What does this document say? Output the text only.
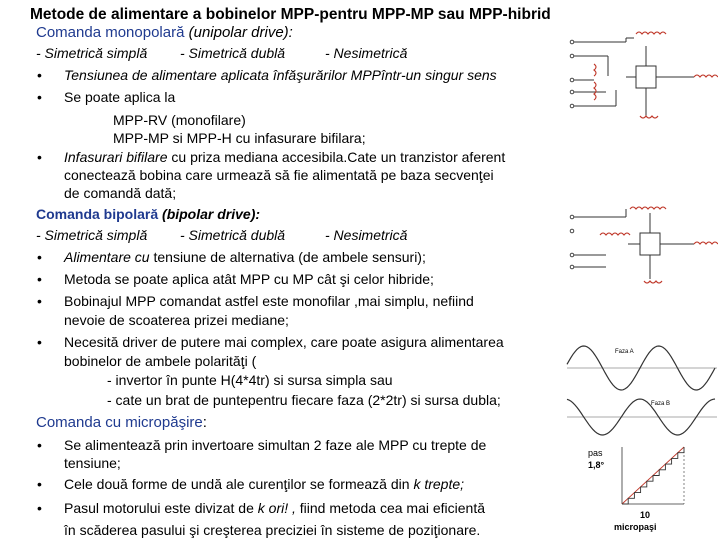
Metode de alimentare a bobinelor MPP-pentru MPP-MP sau MPP-hibrid
Comanda monopolară (unipolar drive):
- Simetrică simplă - Simetrică dublă	- Nesimetrică
• Tensiunea de alimentare aplicata înfăşurărilor MPPîntr-un singur sens
• Se poate aplica la
MPP-RV (monofilare)
MPP-MP si MPP-H cu infasurare bifilara;
• Infasurari bifilare cu priza mediana accesibila.Cate un tranzistor aferent
conectează bobina care urmează să fie alimentată pe baza secvenţei
de comandă dată;
Comanda bipolară (bipolar drive):
- Simetrică simplă - Simetrică dublă	- Nesimetrică
• Alimentare cu tensiune de alternativa (de ambele sensuri);
• Metoda se poate aplica atât MPP cu MP cât şi celor hibride;
• Bobinajul MPP comandat astfel este monofilar ,mai simplu, nefiind
nevoie de scoaterea prizei mediane;
• Necesită driver de putere mai complex, care poate asigura alimentarea
bobinelor de ambele polarităţi (
- invertor în punte H(4*4tr) si sursa simpla sau
- cate un brat de puntepentru fiecare faza (2*2tr) si sursa dubla;
Comanda cu micropăşire:
• Se alimentează prin invertoare simultan 2 faze ale MPP cu trepte de
tensiune;
• Cele două forme de undă ale curenţilor se formează din k trepte;
• Pasul motorului este divizat de k ori! , fiind metoda cea mai eficientă
în scăderea pasului şi creşterea preciziei în sisteme de poziţionare.
Faza A
Faza B
pas
1,8°
10
micropaşi
